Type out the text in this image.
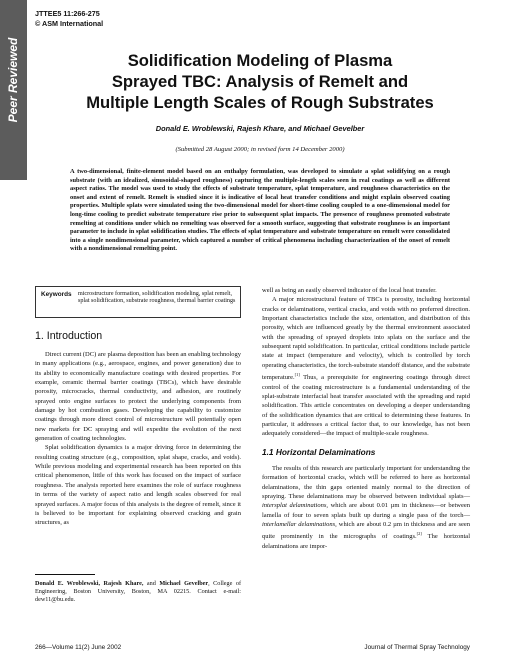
Peer Reviewed
JTTEE5 11:266-275
© ASM International
Solidification Modeling of Plasma
Sprayed TBC: Analysis of Remelt and
Multiple Length Scales of Rough Substrates
Donald E. Wroblewski, Rajesh Khare, and Michael Gevelber
(Submitted 28 August 2000; in revised form 14 December 2000)
A two-dimensional, finite-element model based on an enthalpy formulation, was developed to simulate a splat solidifying on a rough substrate (with an idealized, sinusoidal-shaped roughness) capturing the multiple-length scales seen in real coatings as well as different aspect ratios. The model was used to study the effects of substrate temperature, splat temperature, and roughness characteristics on the onset and extent of remelt. Remelt is studied since it is indicative of local heat transfer conditions and might explain observed coating properties. Multiple splats were simulated using the two-dimensional model for short-time cooling coupled to a one-dimensional model for long-time cooling to predict substrate temperature rise prior to subsequent splat impacts. The presence of roughness promoted substrate remelting at conditions under which no remelting was observed for a smooth surface, suggesting that substrate roughness is an important parameter to include in splat solidification studies. The effects of splat temperature and substrate temperature on remelt were consolidated into a single nondimensional parameter, which captured a number of critical phenomena including characterization of the onset of remelt with a nondimensional remelting point.
Keywords microstructure formation, solidification modeling, splat remelt, splat solidification, substrate roughness, thermal barrier coatings
1. Introduction

Direct current (DC) are plasma deposition has been an enabling technology in many applications (e.g., aerospace, engines, and power generation) due to its ability to economically manufacture coatings with desired properties. For example, ceramic thermal barrier coatings (TBCs), which have desirable porosity, microcracks, thermal conductivity, and adhesion, are routinely sprayed onto engine surfaces to protect the underlying components from damage by hot combustion gases. Developing the capability to customize coatings through more direct control of microstructure will potentially open new markets for DC spraying and will expedite the evolution of the next generation of coating technologies.

Splat solidification dynamics is a major driving force in determining the resulting coating structure (e.g., composition, splat shape, cracks, and voids). While previous modeling and experimental research has been reported on this critical phenomenon, little of this work has focused on the impact of surface roughness. The analysis reported here examines the role of surface roughness in terms of the variety of aspect ratio and length scales observed for real sprayed surfaces. A major focus of this analysis is the degree of remelt, since it is believed to be important for explaining observed cracking and grain structures, as

well as being an easily observed indicator of the local heat transfer.

A major microstructural feature of TBCs is porosity, including horizontal cracks or delaminations, vertical cracks, and voids with no preferred direction. Important characteristics include the size, orientation, and distribution of this porosity, which are influenced greatly by the thermal environment associated with the spreading of sprayed droplets into splats on the surface and the subsequent rapid solidification. In particular, critical conditions include particle state at impact (temperature and velocity), which is controlled by torch operating characteristics, the torch-substrate standoff distance, and the substrate temperature.[1] Thus, a prerequisite for engineering coatings through direct control of the coating microstructure is a fundamental understanding of the splat-substrate interfacial heat transfer associated with the spreading and rapid solidification. This article concentrates on developing a deeper understanding of the solidification dynamics that are critical to determining these features. In particular, it addresses a critical factor that, to our knowledge, has not been adequately considered—the impact of multiple-scale roughness.

1.1 Horizontal Delaminations

The results of this research are particularly important for understanding the formation of horizontal cracks, which will be referred to here as horizontal delaminations, the thin gaps oriented mainly normal to the direction of spraying. These delaminations may be observed between individual splats—intersplat delaminations, which are about 0.01 µm in thickness—or between lamella of four to seven splats built up during a single pass of the torch—interlamellar delaminations, which are about 0.2 µm in thickness and are seen quite prominently in the micrographs of coatings.[2] The horizontal delaminations are impor-

Donald E. Wroblewski, Rajesh Khare, and Michael Gevelber, College of Engineering, Boston University, Boston, MA 02215. Contact e-mail: dew11@bu.edu.
266—Volume 11(2) June 2002	Journal of Thermal Spray Technology
